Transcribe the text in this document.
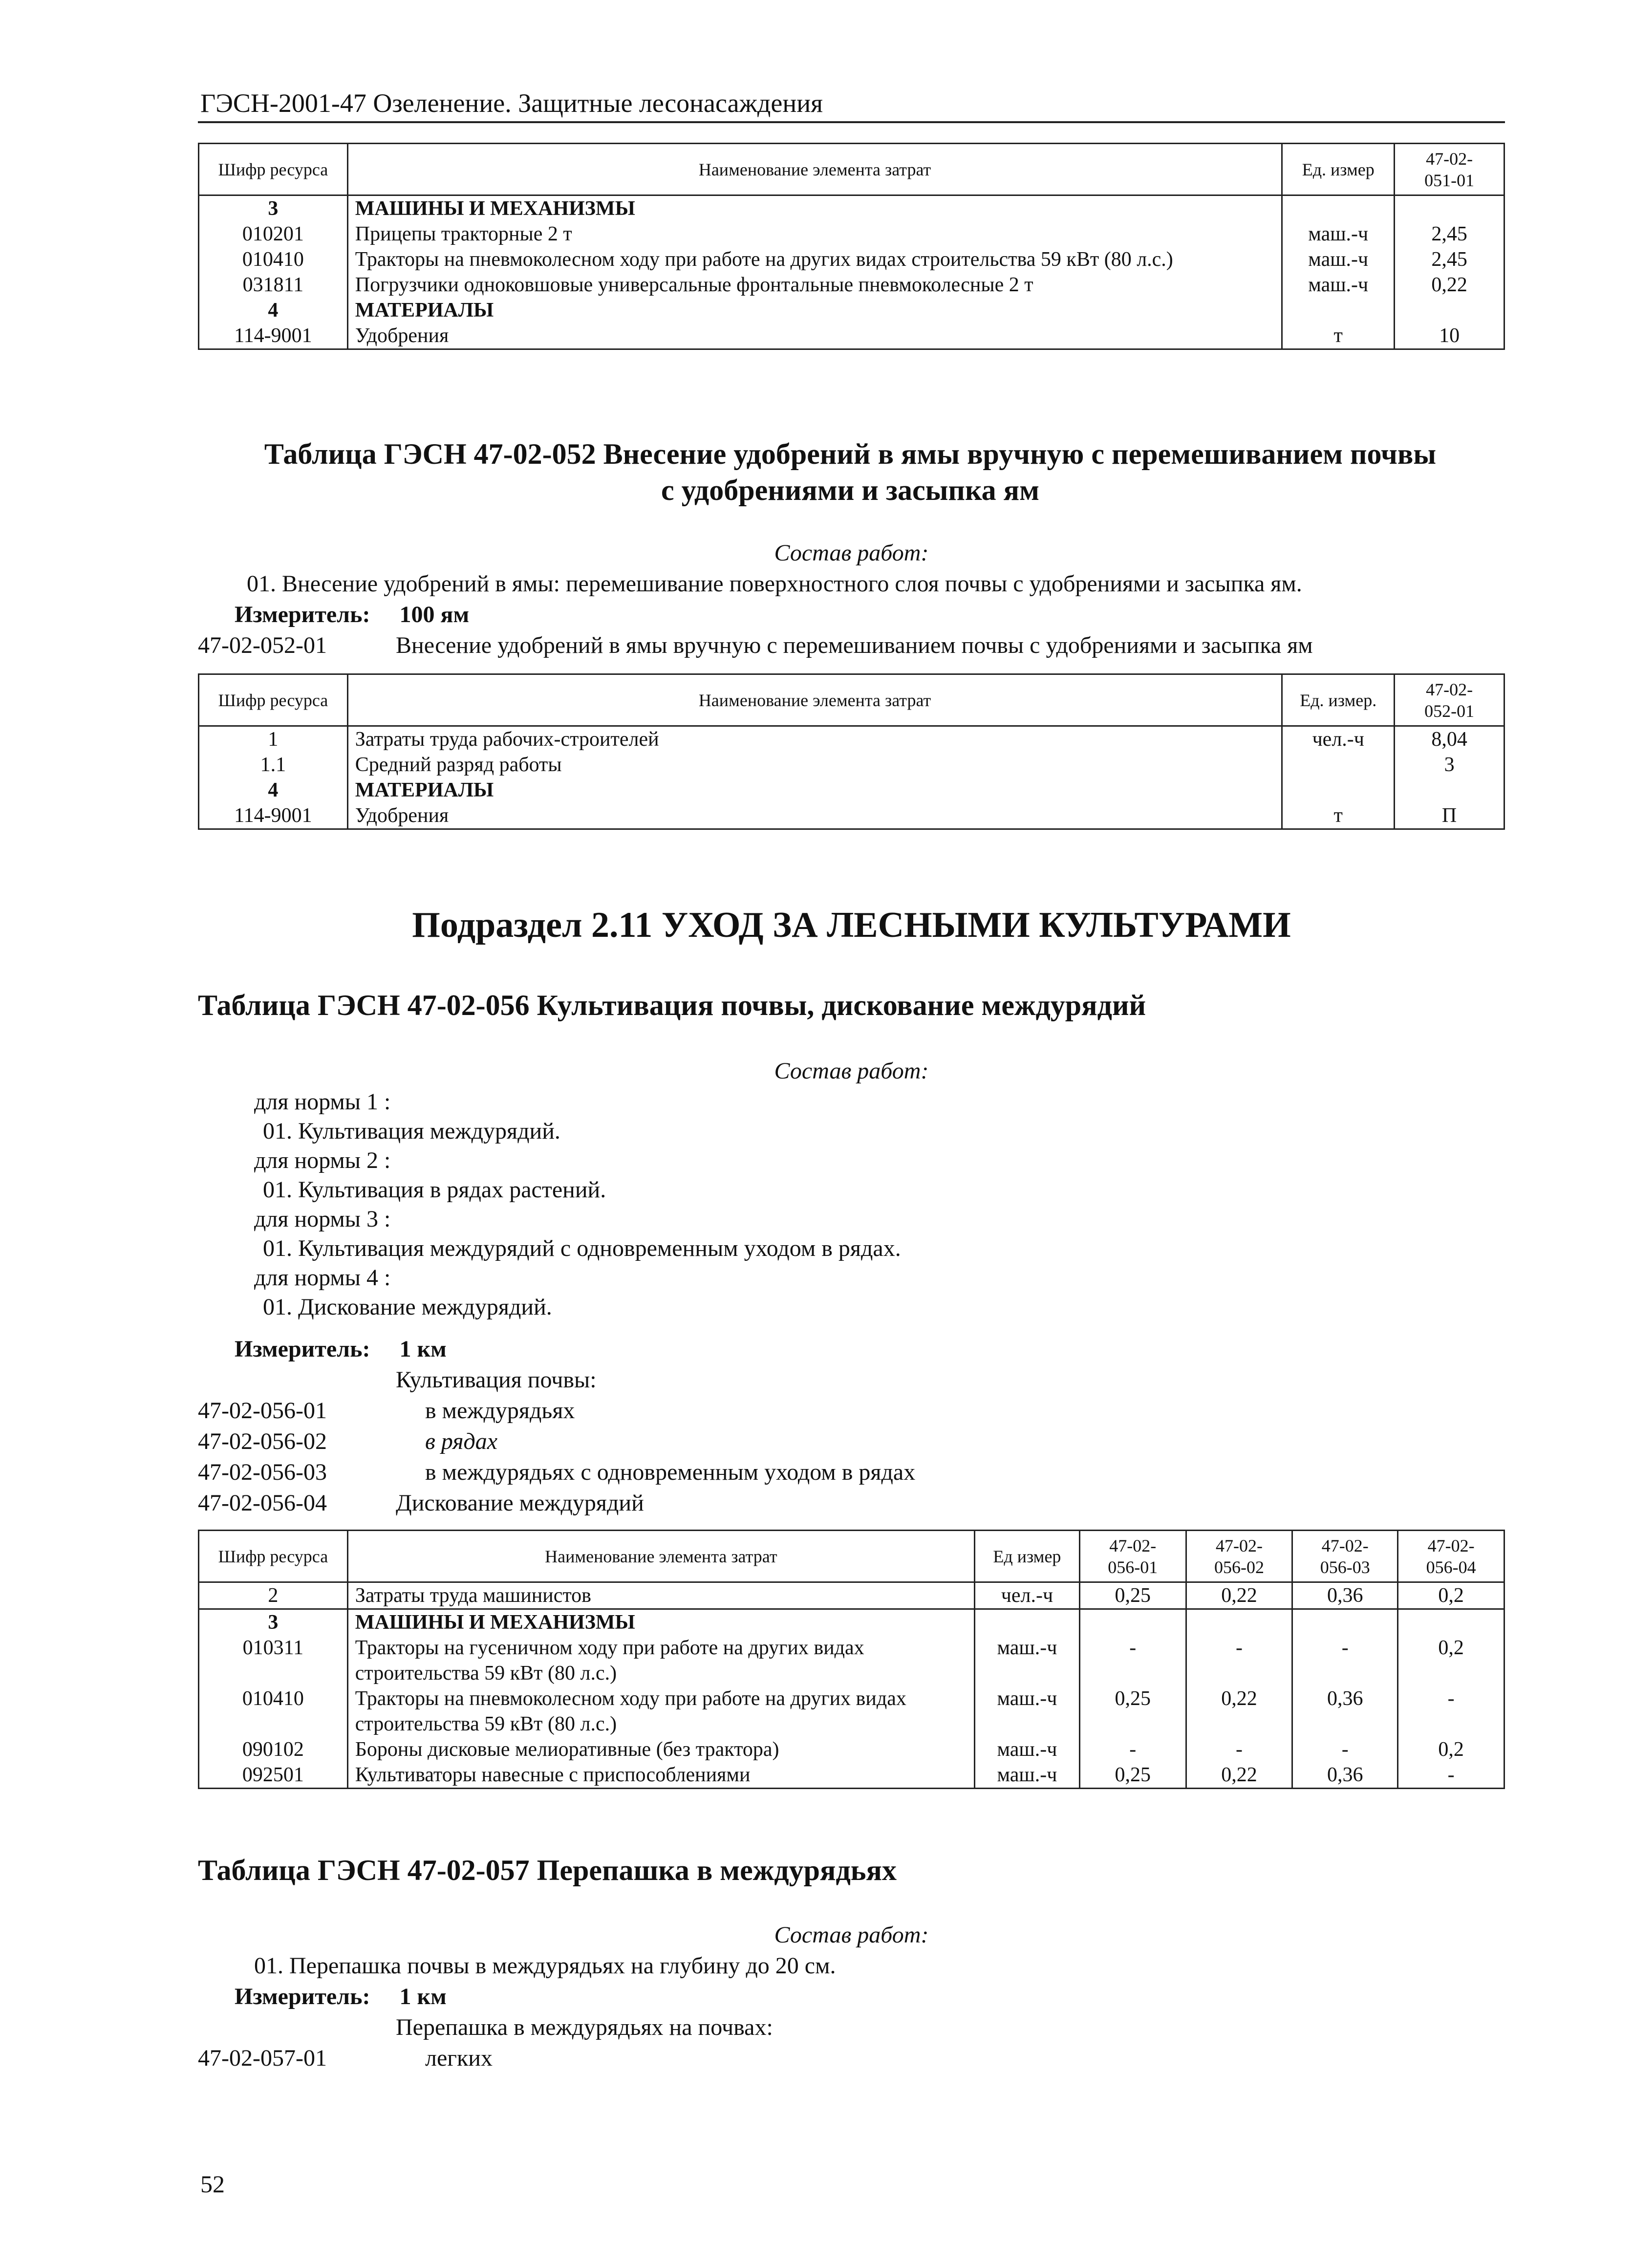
ГЭСН-2001-47 Озеленение. Защитные лесонасаждения
Шифр ресурса	Наименование элемента затрат	Ед. измер	47-02-
051-01
3	МАШИНЫ И МЕХАНИЗМЫ		
010201	Прицепы тракторные 2 т	маш.-ч	2,45
010410	Тракторы на пневмоколесном ходу при работе на других видах строительства 59 кВт (80 л.с.)	маш.-ч	2,45
031811	Погрузчики одноковшовые универсальные фронтальные пневмоколесные 2 т	маш.-ч	0,22
4	МАТЕРИАЛЫ		
114-9001	Удобрения	т	10
Таблица ГЭСН 47-02-052 Внесение удобрений в ямы вручную с перемешиванием почвы
с удобрениями и засыпка ям
Состав работ:
01. Внесение удобрений в ямы: перемешивание поверхностного слоя почвы с удобрениями и засыпка ям.
Измеритель: 100 ям
47-02-052-01	Внесение удобрений в ямы вручную с перемешиванием почвы с удобрениями и засыпка ям
Шифр ресурса	Наименование элемента затрат	Ед. измер.	47-02-
052-01
1	Затраты труда рабочих-строителей	чел.-ч	8,04
1.1	Средний разряд работы		3
4	МАТЕРИАЛЫ		
114-9001	Удобрения	т	П
Подраздел 2.11 УХОД ЗА ЛЕСНЫМИ КУЛЬТУРАМИ
Таблица ГЭСН 47-02-056 Культивация почвы, дискование междурядий
Состав работ:
для нормы 1 :
01. Культивация междурядий.
для нормы 2 :
01. Культивация в рядах растений.
для нормы 3 :
01. Культивация междурядий с одновременным уходом в рядах.
для нормы 4 :
01. Дискование междурядий.
Измеритель: 1 км
Культивация почвы:
47-02-056-01	в междурядьях
47-02-056-02	в рядах
47-02-056-03	в междурядьях с одновременным уходом в рядах
47-02-056-04	Дискование междурядий
Шифр ресурса	Наименование элемента затрат	Ед измер	47-02-
056-01	47-02-
056-02	47-02-
056-03	47-02-
056-04
2	Затраты труда машинистов	чел.-ч	0,25	0,22	0,36	0,2
3	МАШИНЫ И МЕХАНИЗМЫ					
010311	Тракторы на гусеничном ходу при работе на других видах строительства 59 кВт (80 л.с.)	маш.-ч	-	-	-	0,2
010410	Тракторы на пневмоколесном ходу при работе на других видах строительства 59 кВт (80 л.с.)	маш.-ч	0,25	0,22	0,36	-
090102	Бороны дисковые мелиоративные (без трактора)	маш.-ч	-	-	-	0,2
092501	Культиваторы навесные с приспособлениями	маш.-ч	0,25	0,22	0,36	-
Таблица ГЭСН 47-02-057 Перепашка в междурядьях
Состав работ:
01. Перепашка почвы в междурядьях на глубину до 20 см.
Измеритель: 1 км
Перепашка в междурядьях на почвах:
47-02-057-01	легких
52
